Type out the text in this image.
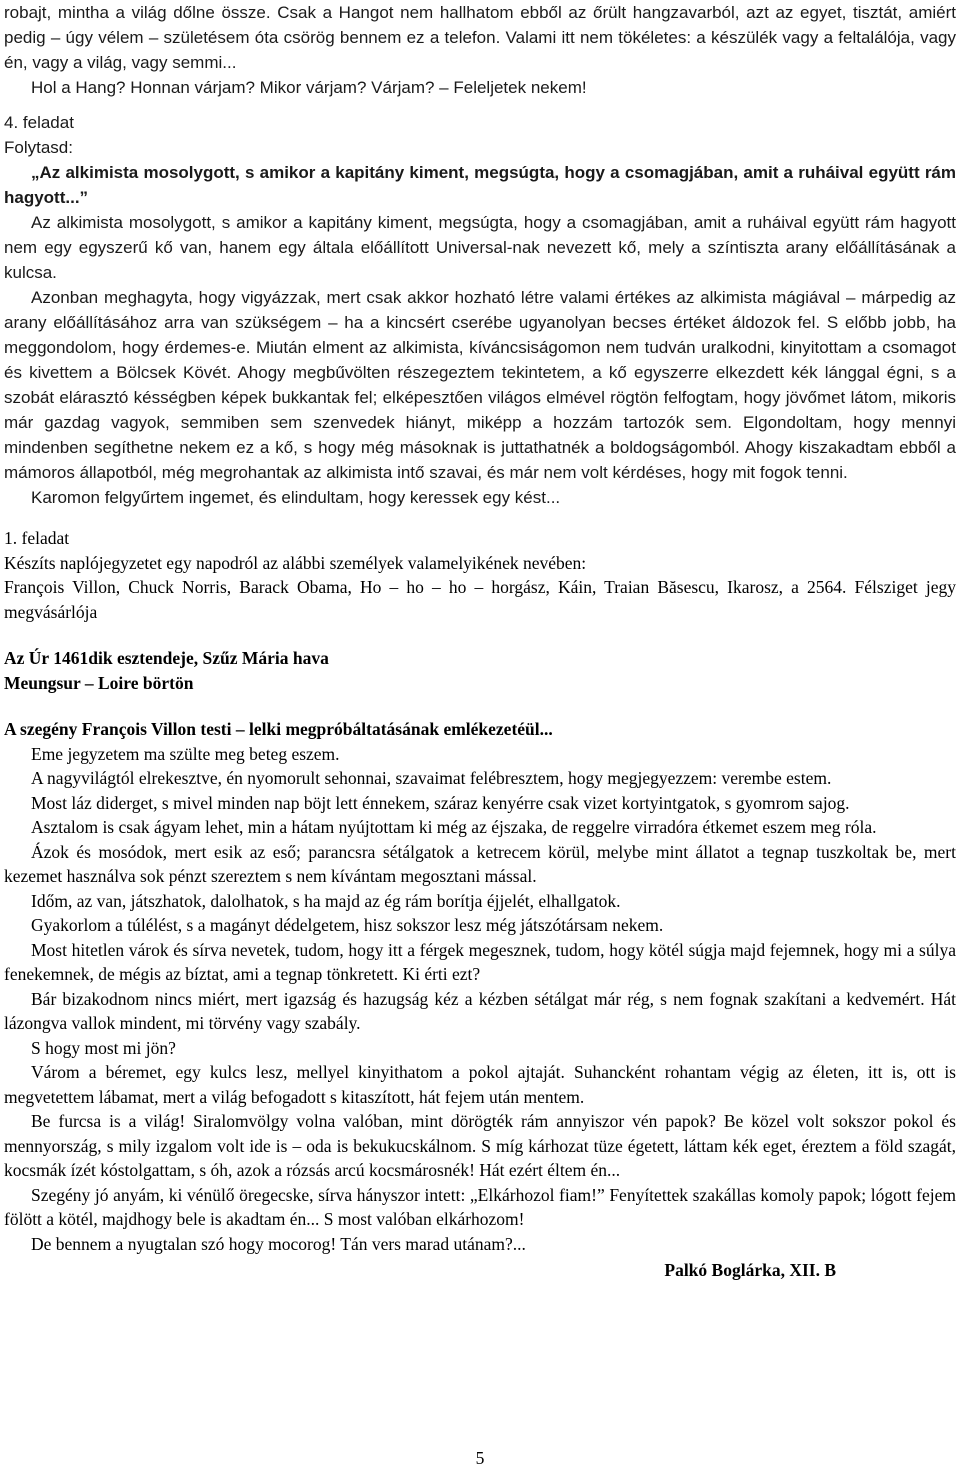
robajt, mintha a világ dőlne össze. Csak a Hangot nem hallhatom ebből az őrült hangzavarból, azt az egyet, tisztát, amiért pedig – úgy vélem – születésem óta csörög bennem ez a telefon. Valami itt nem tökéletes: a készülék vagy a feltalálója, vagy én, vagy a világ, vagy semmi...

Hol a Hang? Honnan várjam? Mikor várjam? Várjam? – Feleljetek nekem!

4. feladat

Folytasd:

„Az alkimista mosolygott, s amikor a kapitány kiment, megsúgta, hogy a csomagjában, amit a ruháival együtt rám hagyott...”

Az alkimista mosolygott, s amikor a kapitány kiment, megsúgta, hogy a csomagjában, amit a ruháival együtt rám hagyott nem egy egyszerű kő van, hanem egy általa előállított Universal-nak nevezett kő, mely a színtiszta arany előállításának a kulcsa.

Azonban meghagyta, hogy vigyázzak, mert csak akkor hozható létre valami értékes az alkimista mágiával – márpedig az arany előállításához arra van szükségem – ha a kincsért cserébe ugyanolyan becses értéket áldozok fel. S előbb jobb, ha meggondolom, hogy érdemes-e. Miután elment az alkimista, kíváncsiságomon nem tudván uralkodni, kinyitottam a csomagot és kivettem a Bölcsek Kövét. Ahogy megbűvölten részegeztem tekintetem, a kő egyszerre elkezdett kék lánggal égni, s a szobát elárasztó késségben képek bukkantak fel; elképesztően világos elmével rögtön felfogtam, hogy jövőmet látom, mikoris már gazdag vagyok, semmiben sem szenvedek hiányt, miképp a hozzám tartozók sem. Elgondoltam, hogy mennyi mindenben segíthetne nekem ez a kő, s hogy még másoknak is juttathatnék a boldogságomból. Ahogy kiszakadtam ebből a mámoros állapotból, még megrohantak az alkimista intő szavai, és már nem volt kérdéses, hogy mit fogok tenni.

Karomon felgyűrtem ingemet, és elindultam, hogy keressek egy kést...

1. feladat

Készíts naplójegyzetet egy napodról az alábbi személyek valamelyikének nevében:

François Villon, Chuck Norris, Barack Obama, Ho – ho – ho – horgász, Káin, Traian Băsescu, Ikarosz, a 2564. Félsziget jegy megvásárlója

Az Úr 1461dik esztendeje, Szűz Mária hava

Meungsur – Loire börtön

A szegény François Villon testi – lelki megpróbáltatásának emlékezetéül...

Eme jegyzetem ma szülte meg beteg eszem.

A nagyvilágtól elrekesztve, én nyomorult sehonnai, szavaimat felébresztem, hogy megjegyezzem: verembe estem.

Most láz diderget, s mivel minden nap böjt lett énnekem, száraz kenyérre csak vizet kortyintgatok, s gyomrom sajog.

Asztalom is csak ágyam lehet, min a hátam nyújtottam ki még az éjszaka, de reggelre virradóra étkemet eszem meg róla.

Ázok és mosódok, mert esik az eső; parancsra sétálgatok a ketrecem körül, melybe mint állatot a tegnap tuszkoltak be, mert kezemet használva sok pénzt szereztem s nem kívántam megosztani mással.

Időm, az van, játszhatok, dalolhatok, s ha majd az ég rám borítja éjjelét, elhallgatok.

Gyakorlom a túlélést, s a magányt dédelgetem, hisz sokszor lesz még játszótársam nekem.

Most hitetlen várok és sírva nevetek, tudom, hogy itt a férgek megesznek, tudom, hogy kötél súgja majd fejemnek, hogy mi a súlya fenekemnek, de mégis az bíztat, ami a tegnap tönkretett. Ki érti ezt?

Bár bizakodnom nincs miért, mert igazság és hazugság kéz a kézben sétálgat már rég, s nem fognak szakítani a kedvemért. Hát lázongva vallok mindent, mi törvény vagy szabály.

S hogy most mi jön?

Várom a béremet, egy kulcs lesz, mellyel kinyithatom a pokol ajtaját. Suhancként rohantam végig az életen, itt is, ott is megvetettem lábamat, mert a világ befogadott s kitaszított, hát fejem után mentem.

Be furcsa is a világ! Siralomvölgy volna valóban, mint dörögték rám annyiszor vén papok? Be közel volt sokszor pokol és mennyország, s mily izgalom volt ide is – oda is bekukucskálnom. S míg kárhozat tüze égetett, láttam kék eget, éreztem a föld szagát, kocsmák ízét kóstolgattam, s óh, azok a rózsás arcú kocsmárosnék! Hát ezért éltem én...

Szegény jó anyám, ki vénülő öregecske, sírva hányszor intett: „Elkárhozol fiam!” Fenyítettek szakállas komoly papok; lógott fejem fölött a kötél, majdhogy bele is akadtam én... S most valóban elkárhozom!

De bennem a nyugtalan szó hogy mocorog! Tán vers marad utánam?...

Palkó Boglárka, XII. B

5
